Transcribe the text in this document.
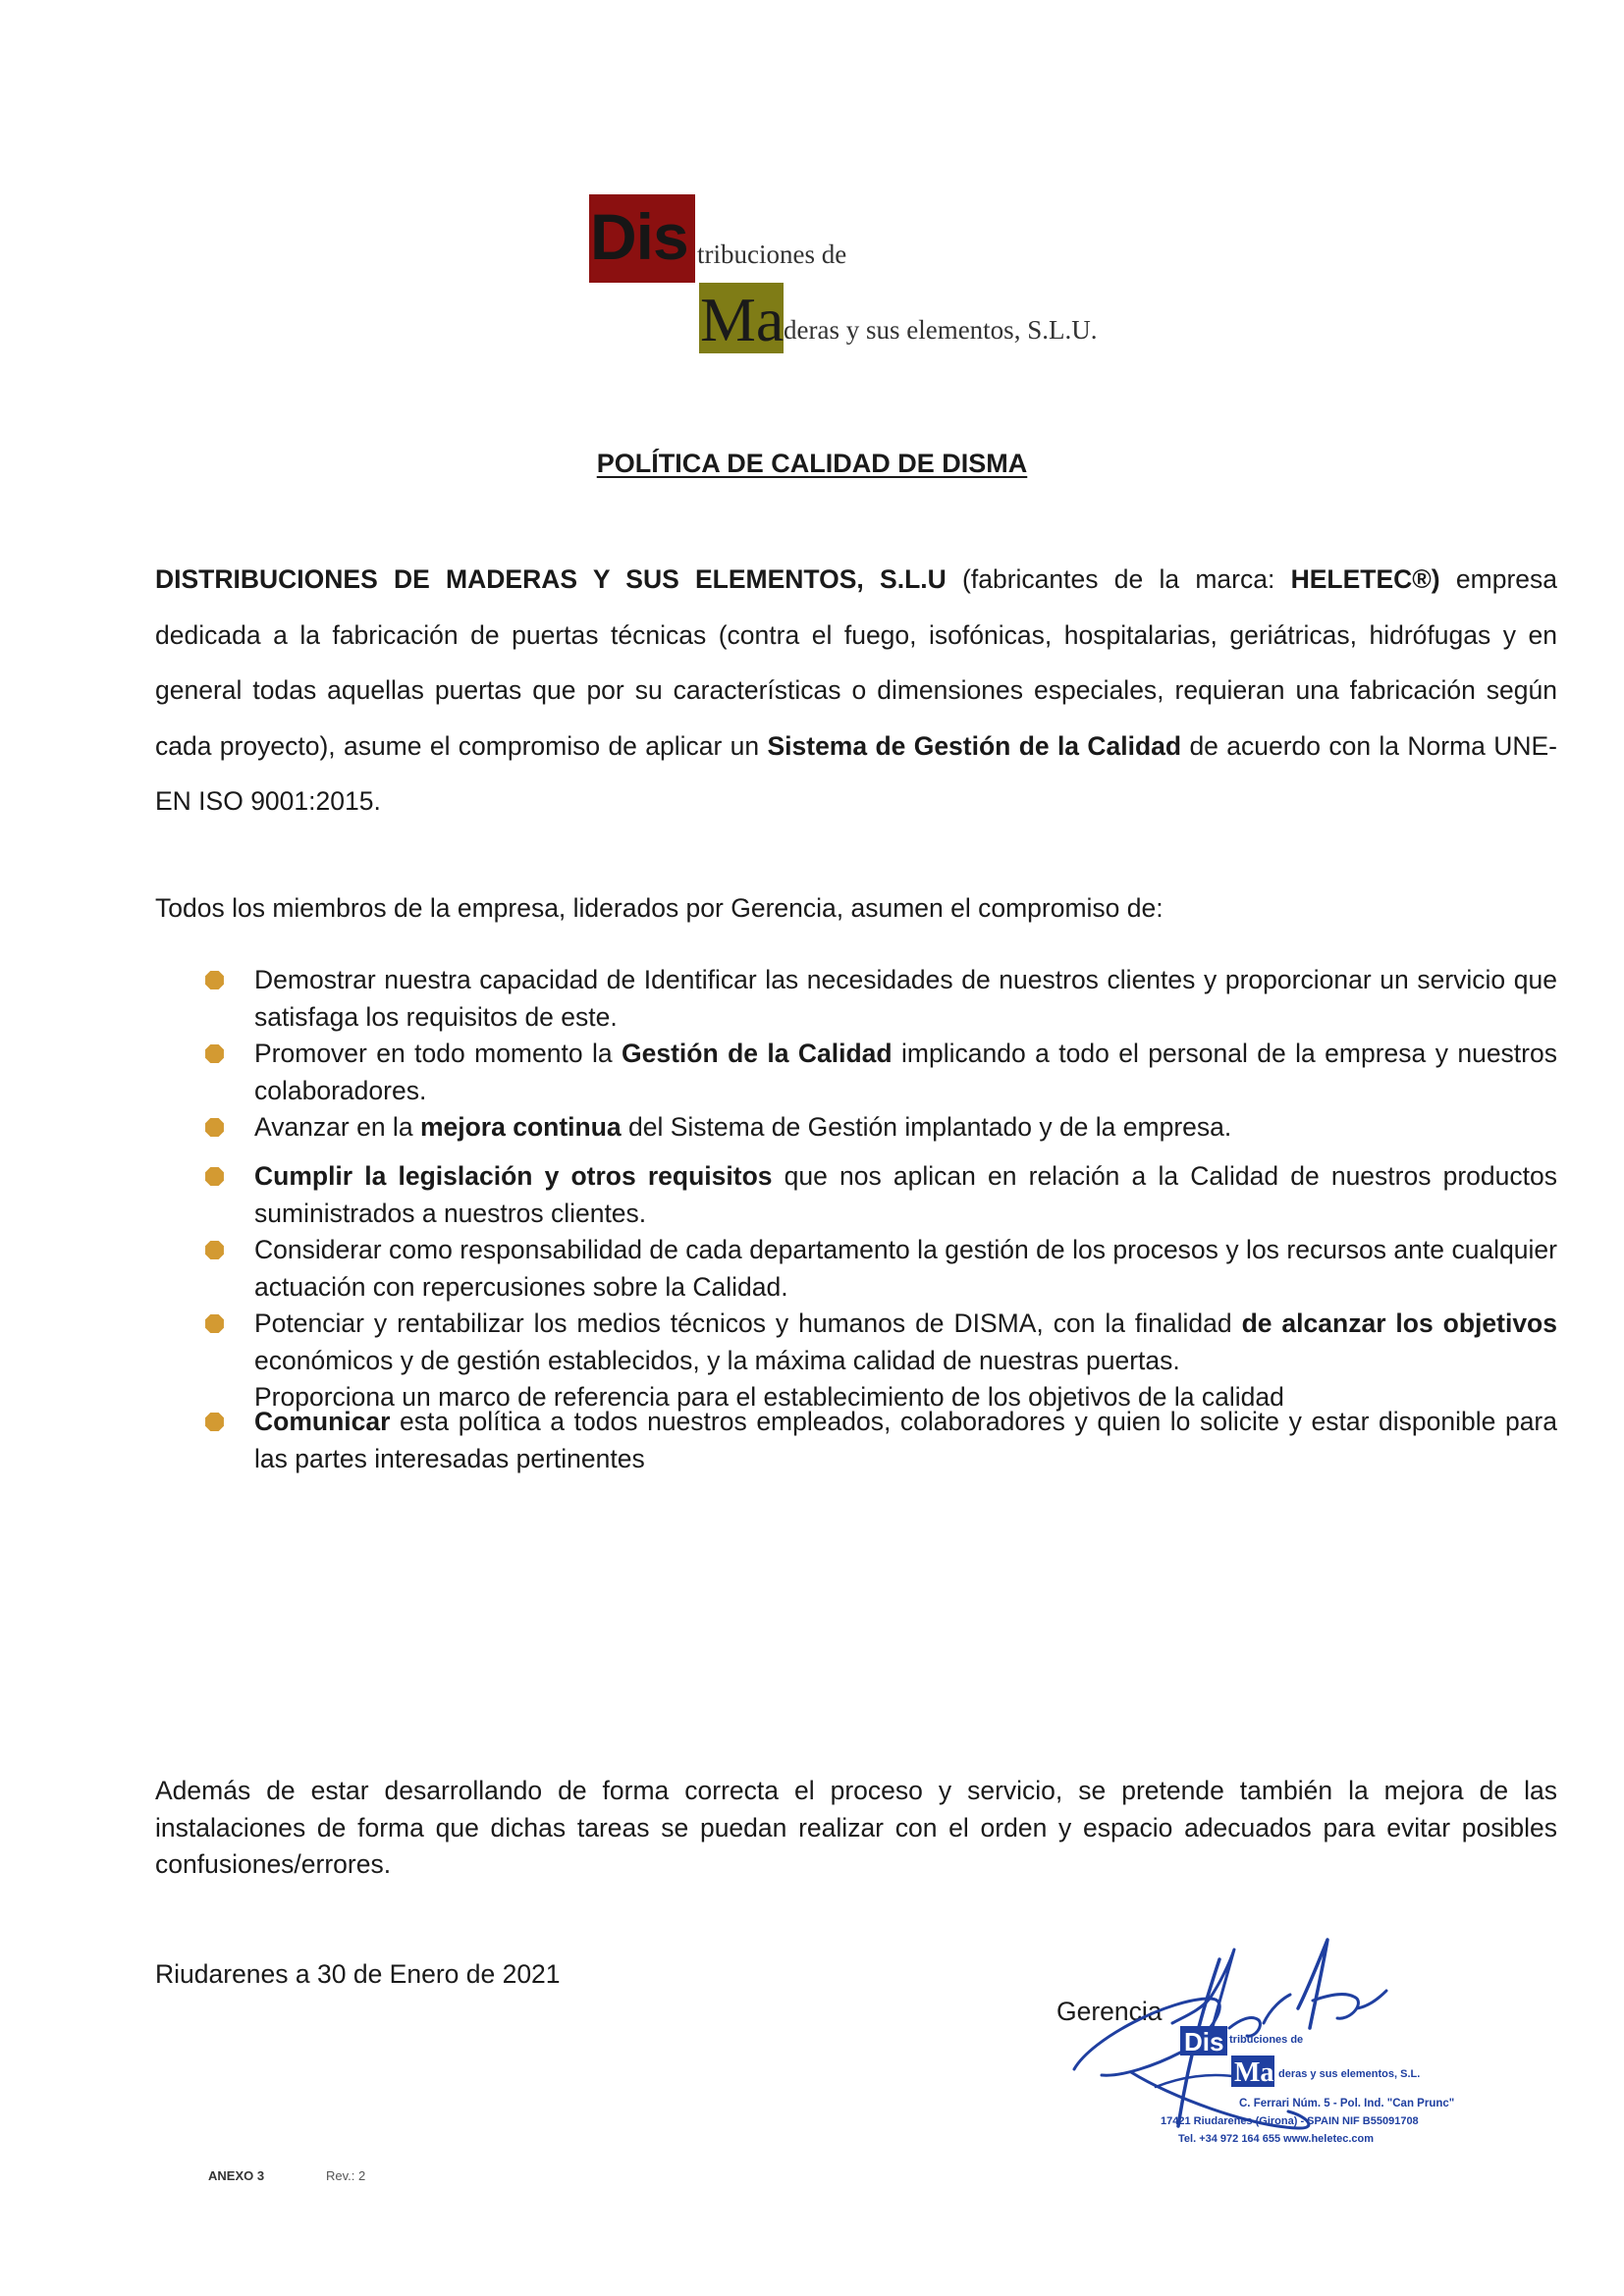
Dis tribuciones de
Ma deras y sus elementos, S.L.U.
POLÍTICA DE CALIDAD DE DISMA
DISTRIBUCIONES DE MADERAS Y SUS ELEMENTOS, S.L.U (fabricantes de la marca: HELETEC®) empresa dedicada a la fabricación de puertas técnicas (contra el fuego, isofónicas, hospitalarias, geriátricas, hidrófugas y en general todas aquellas puertas que por su características o dimensiones especiales, requieran una fabricación según cada proyecto), asume el compromiso de aplicar un Sistema de Gestión de la Calidad de acuerdo con la Norma UNE-EN ISO 9001:2015.
Todos los miembros de la empresa, liderados por Gerencia, asumen el compromiso de:
Demostrar nuestra capacidad de Identificar las necesidades de nuestros clientes y proporcionar un servicio que satisfaga los requisitos de este.
Promover en todo momento la Gestión de la Calidad implicando a todo el personal de la empresa y nuestros colaboradores.
Avanzar en la mejora continua del Sistema de Gestión implantado y de la empresa.
Cumplir la legislación y otros requisitos que nos aplican en relación a la Calidad de nuestros productos suministrados a nuestros clientes.
Considerar como responsabilidad de cada departamento la gestión de los procesos y los recursos ante cualquier actuación con repercusiones sobre la Calidad.
Potenciar y rentabilizar los medios técnicos y humanos de DISMA, con la finalidad de alcanzar los objetivos económicos y de gestión establecidos, y la máxima calidad de nuestras puertas.
Proporciona un marco de referencia para el establecimiento de los objetivos de la calidad
Comunicar esta política a todos nuestros empleados, colaboradores y quien lo solicite y estar disponible para las partes interesadas pertinentes
Además de estar desarrollando de forma correcta el proceso y servicio, se pretende también la mejora de las instalaciones de forma que dichas tareas se puedan realizar con el orden y espacio adecuados para evitar posibles confusiones/errores.
Riudarenes a 30 de Enero de 2021
Gerencia
Dis tribuciones de
Ma deras y sus elementos, S.L.
C. Ferrari Núm. 5 - Pol. Ind. "Can Prunc"
17421 Riudarenes (Girona) - SPAIN NIF B55091708
Tel. +34 972 164 655 www.heletec.com
ANEXO 3	Rev.: 2
